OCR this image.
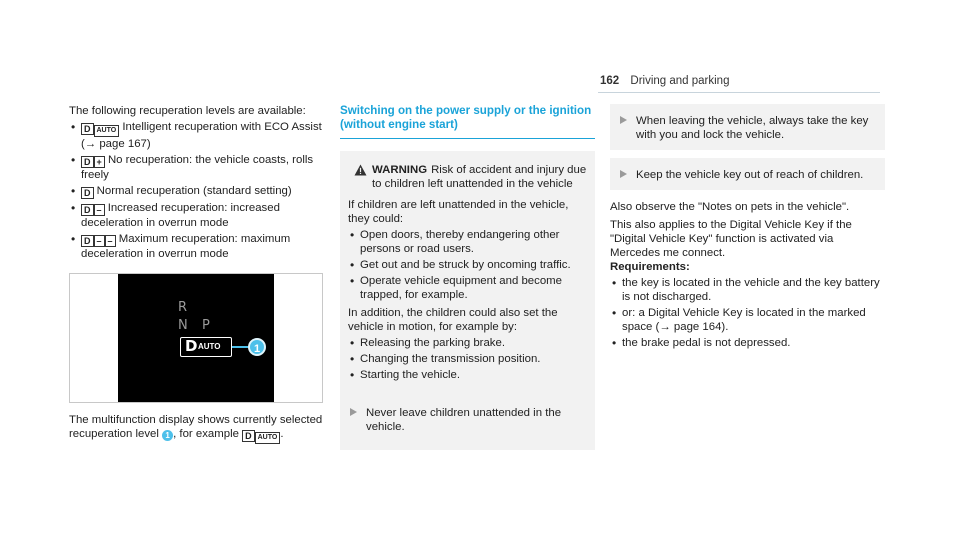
162 Driving and parking
The following recuperation levels are available:
• D AUTO Intelligent recuperation with ECO Assist (→ page 167)
• D + No recuperation: the vehicle coasts, rolls freely
• D Normal recuperation (standard setting)
• D – Increased recuperation: increased deceleration in overrun mode
• D – – Maximum recuperation: maximum deceleration in overrun mode
R
N P
D AUTO	1
The multifunction display shows currently selected recuperation level 1 , for example D AUTO .
Switching on the power supply or the ignition (without engine start)
WARNING Risk of accident and injury due to children left unattended in the vehicle
If children are left unattended in the vehicle, they could:
• Open doors, thereby endangering other persons or road users.
• Get out and be struck by oncoming traffic.
• Operate vehicle equipment and become trapped, for example.
In addition, the children could also set the vehicle in motion, for example by:
• Releasing the parking brake.
• Changing the transmission position.
• Starting the vehicle.
Never leave children unattended in the vehicle.
When leaving the vehicle, always take the key with you and lock the vehicle.
Keep the vehicle key out of reach of children.
Also observe the "Notes on pets in the vehicle".
This also applies to the Digital Vehicle Key if the "Digital Vehicle Key" function is activated via Mercedes me connect.
Requirements:
• the key is located in the vehicle and the key battery is not discharged.
• or: a Digital Vehicle Key is located in the marked space (→ page 164).
• the brake pedal is not depressed.
